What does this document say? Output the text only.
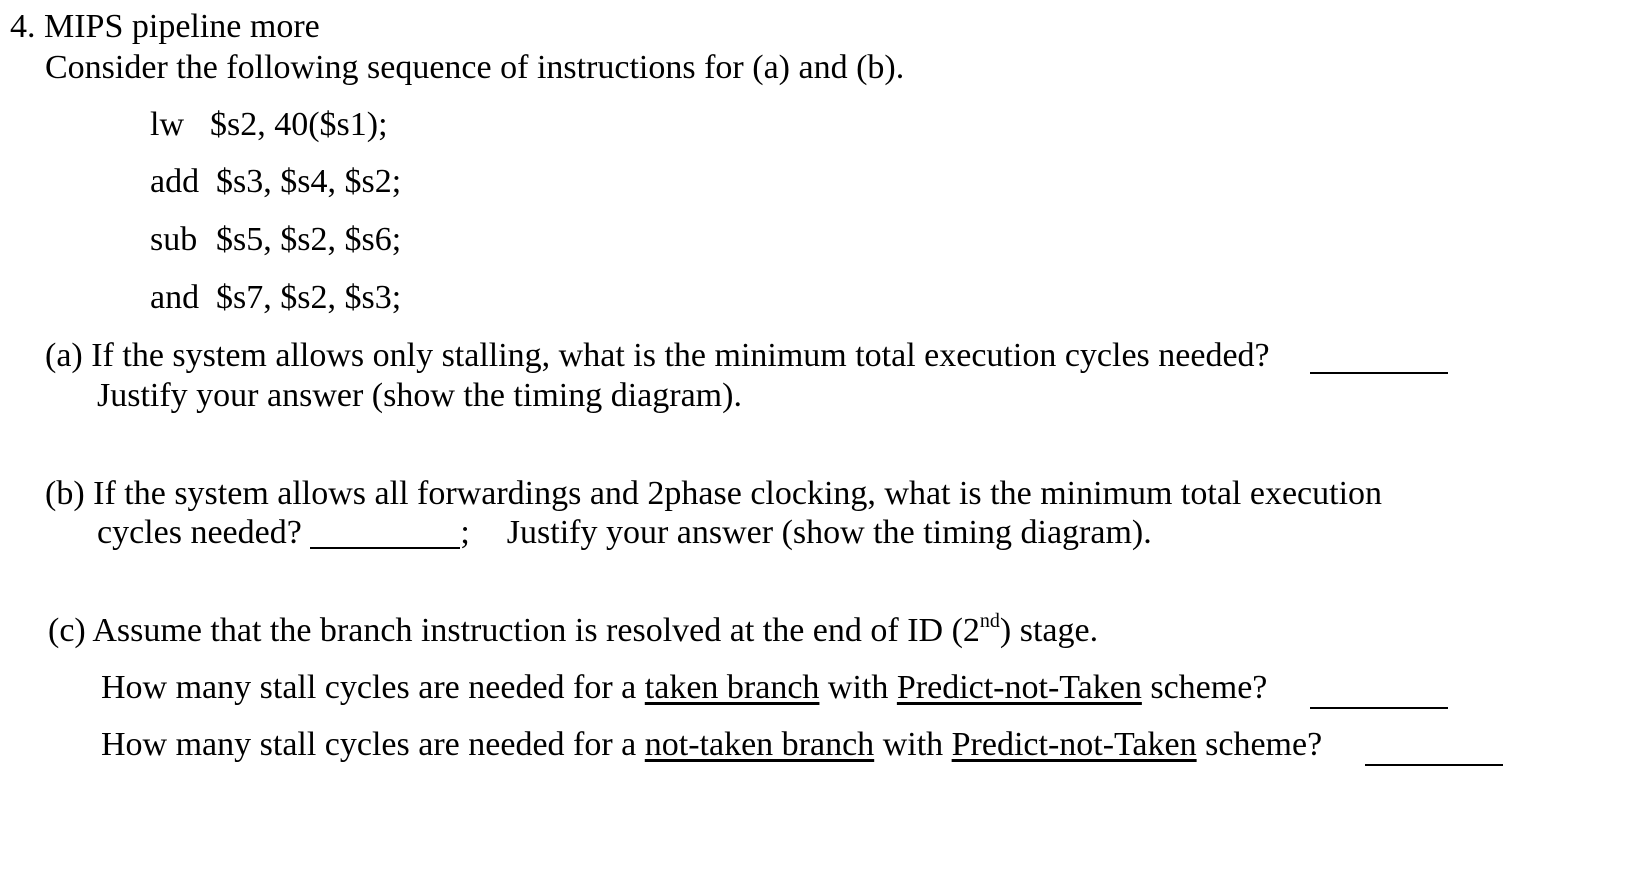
4. MIPS pipeline more
Consider the following sequence of instructions for (a) and (b).
lw $s2, 40($s1);
add $s3, $s4, $s2;
sub $s5, $s2, $s6;
and $s7, $s2, $s3;
(a) If the system allows only stalling, what is the minimum total execution cycles needed?
Justify your answer (show the timing diagram).
(b) If the system allows all forwardings and 2phase clocking, what is the minimum total execution
cycles needed?	; Justify your answer (show the timing diagram).
(c) Assume that the branch instruction is resolved at the end of ID (2nd) stage.
How many stall cycles are needed for a taken branch with Predict-not-Taken scheme?
How many stall cycles are needed for a not-taken branch with Predict-not-Taken scheme?
